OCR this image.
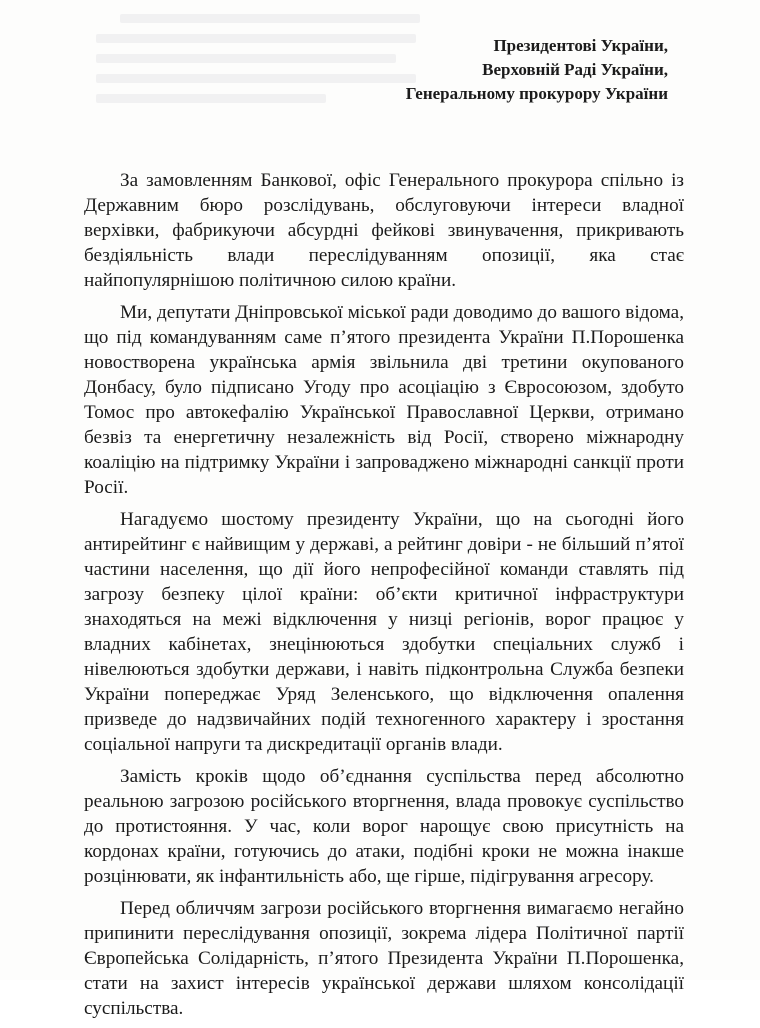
Президентові України,
Верховній Раді України,
Генеральному прокурору України

За замовленням Банкової, офіс Генерального прокурора спільно із Державним бюро розслідувань, обслуговуючи інтереси владної верхівки, фабрикуючи абсурдні фейкові звинувачення, прикривають бездіяльність влади переслідуванням опозиції, яка стає найпопулярнішою політичною силою країни.

Ми, депутати Дніпровської міської ради доводимо до вашого відома, що під командуванням саме п’ятого президента України П.Порошенка новостворена українська армія звільнила дві третини окупованого Донбасу, було підписано Угоду про асоціацію з Євросоюзом, здобуто Томос про автокефалію Української Православної Церкви, отримано безвіз та енергетичну незалежність від Росії, створено міжнародну коаліцію на підтримку України і запроваджено міжнародні санкції проти Росії.

Нагадуємо шостому президенту України, що на сьогодні його антирейтинг є найвищим у державі, а рейтинг довіри - не більший п’ятої частини населення, що дії його непрофесійної команди ставлять під загрозу безпеку цілої країни: об’єкти критичної інфраструктури знаходяться на межі відключення у низці регіонів, ворог працює у владних кабінетах, знецінюються здобутки спеціальних служб і нівелюються здобутки держави, і навіть підконтрольна Служба безпеки України попереджає Уряд Зеленського, що відключення опалення призведе до надзвичайних подій техногенного характеру і зростання соціальної напруги та дискредитації органів влади.

Замість кроків щодо об’єднання суспільства перед абсолютно реальною загрозою російського вторгнення, влада провокує суспільство до протистояння. У час, коли ворог нарощує свою присутність на кордонах країни, готуючись до атаки, подібні кроки не можна інакше розцінювати, як інфантильність або, ще гірше, підігрування агресору.

Перед обличчям загрози російського вторгнення вимагаємо негайно припинити переслідування опозиції, зокрема лідера Політичної партії Європейська Солідарність, п’ятого Президента України П.Порошенка, стати на захист інтересів української держави шляхом консолідації суспільства.
